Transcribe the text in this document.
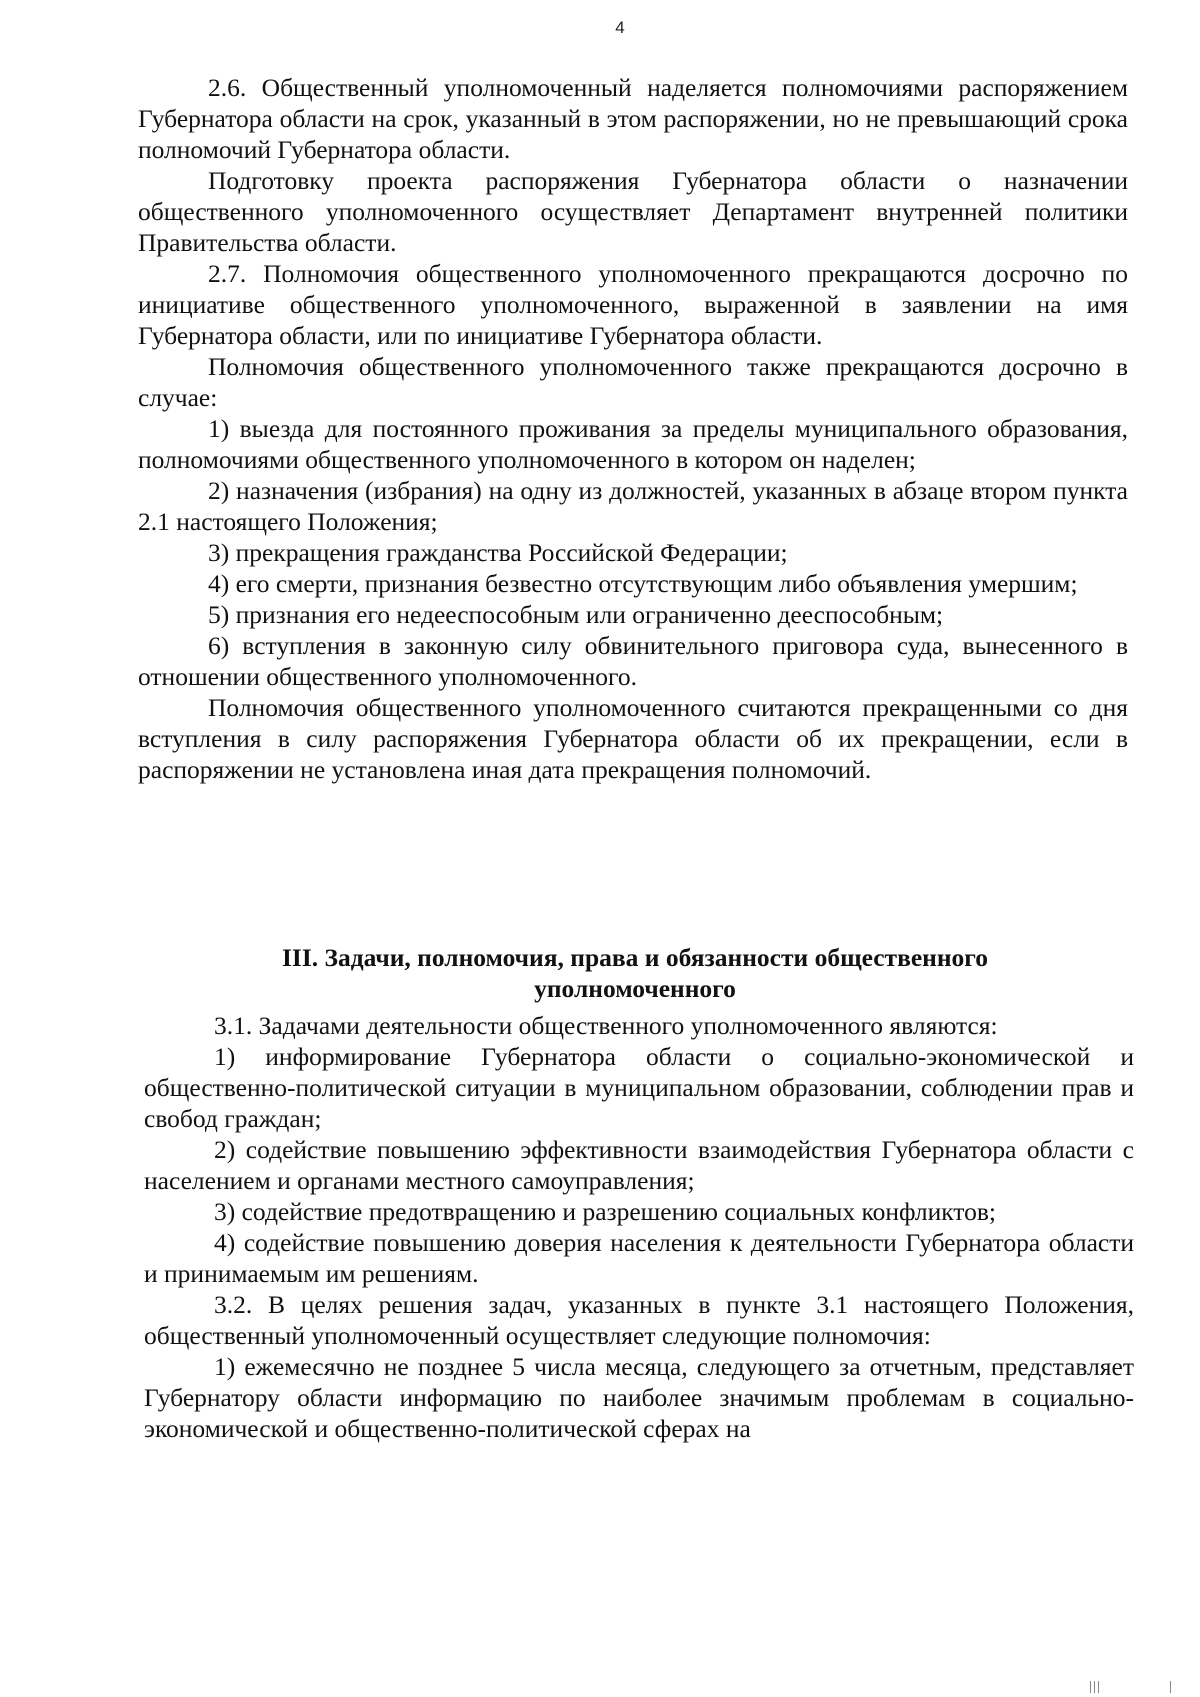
4

2.6. Общественный уполномоченный наделяется полномочиями распоряжением Губернатора области на срок, указанный в этом распоряжении, но не превышающий срока полномочий Губернатора области.

Подготовку проекта распоряжения Губернатора области о назначении общественного уполномоченного осуществляет Департамент внутренней политики Правительства области.

2.7. Полномочия общественного уполномоченного прекращаются досрочно по инициативе общественного уполномоченного, выраженной в заявлении на имя Губернатора области, или по инициативе Губернатора области.

Полномочия общественного уполномоченного также прекращаются досрочно в случае:

1) выезда для постоянного проживания за пределы муниципального образования, полномочиями общественного уполномоченного в котором он наделен;

2) назначения (избрания) на одну из должностей, указанных в абзаце втором пункта 2.1 настоящего Положения;

3) прекращения гражданства Российской Федерации;

4) его смерти, признания безвестно отсутствующим либо объявления умершим;

5) признания его недееспособным или ограниченно дееспособным;

6) вступления в законную силу обвинительного приговора суда, вынесенного в отношении общественного уполномоченного.

Полномочия общественного уполномоченного считаются прекращенными со дня вступления в силу распоряжения Губернатора области об их прекращении, если в распоряжении не установлена иная дата прекращения полномочий.

III. Задачи, полномочия, права и обязанности общественного
уполномоченного

3.1. Задачами деятельности общественного уполномоченного являются:

1) информирование Губернатора области о социально-экономической и общественно-политической ситуации в муниципальном образовании, соблюдении прав и свобод граждан;

2) содействие повышению эффективности взаимодействия Губернатора области с населением и органами местного самоуправления;

3) содействие предотвращению и разрешению социальных конфликтов;

4) содействие повышению доверия населения к деятельности Губернатора области и принимаемым им решениям.

3.2. В целях решения задач, указанных в пункте 3.1 настоящего Положения, общественный уполномоченный осуществляет следующие полномочия:

1) ежемесячно не позднее 5 числа месяца, следующего за отчетным, представляет Губернатору области информацию по наиболее значимым проблемам в социально-экономической и общественно-политической сферах на
